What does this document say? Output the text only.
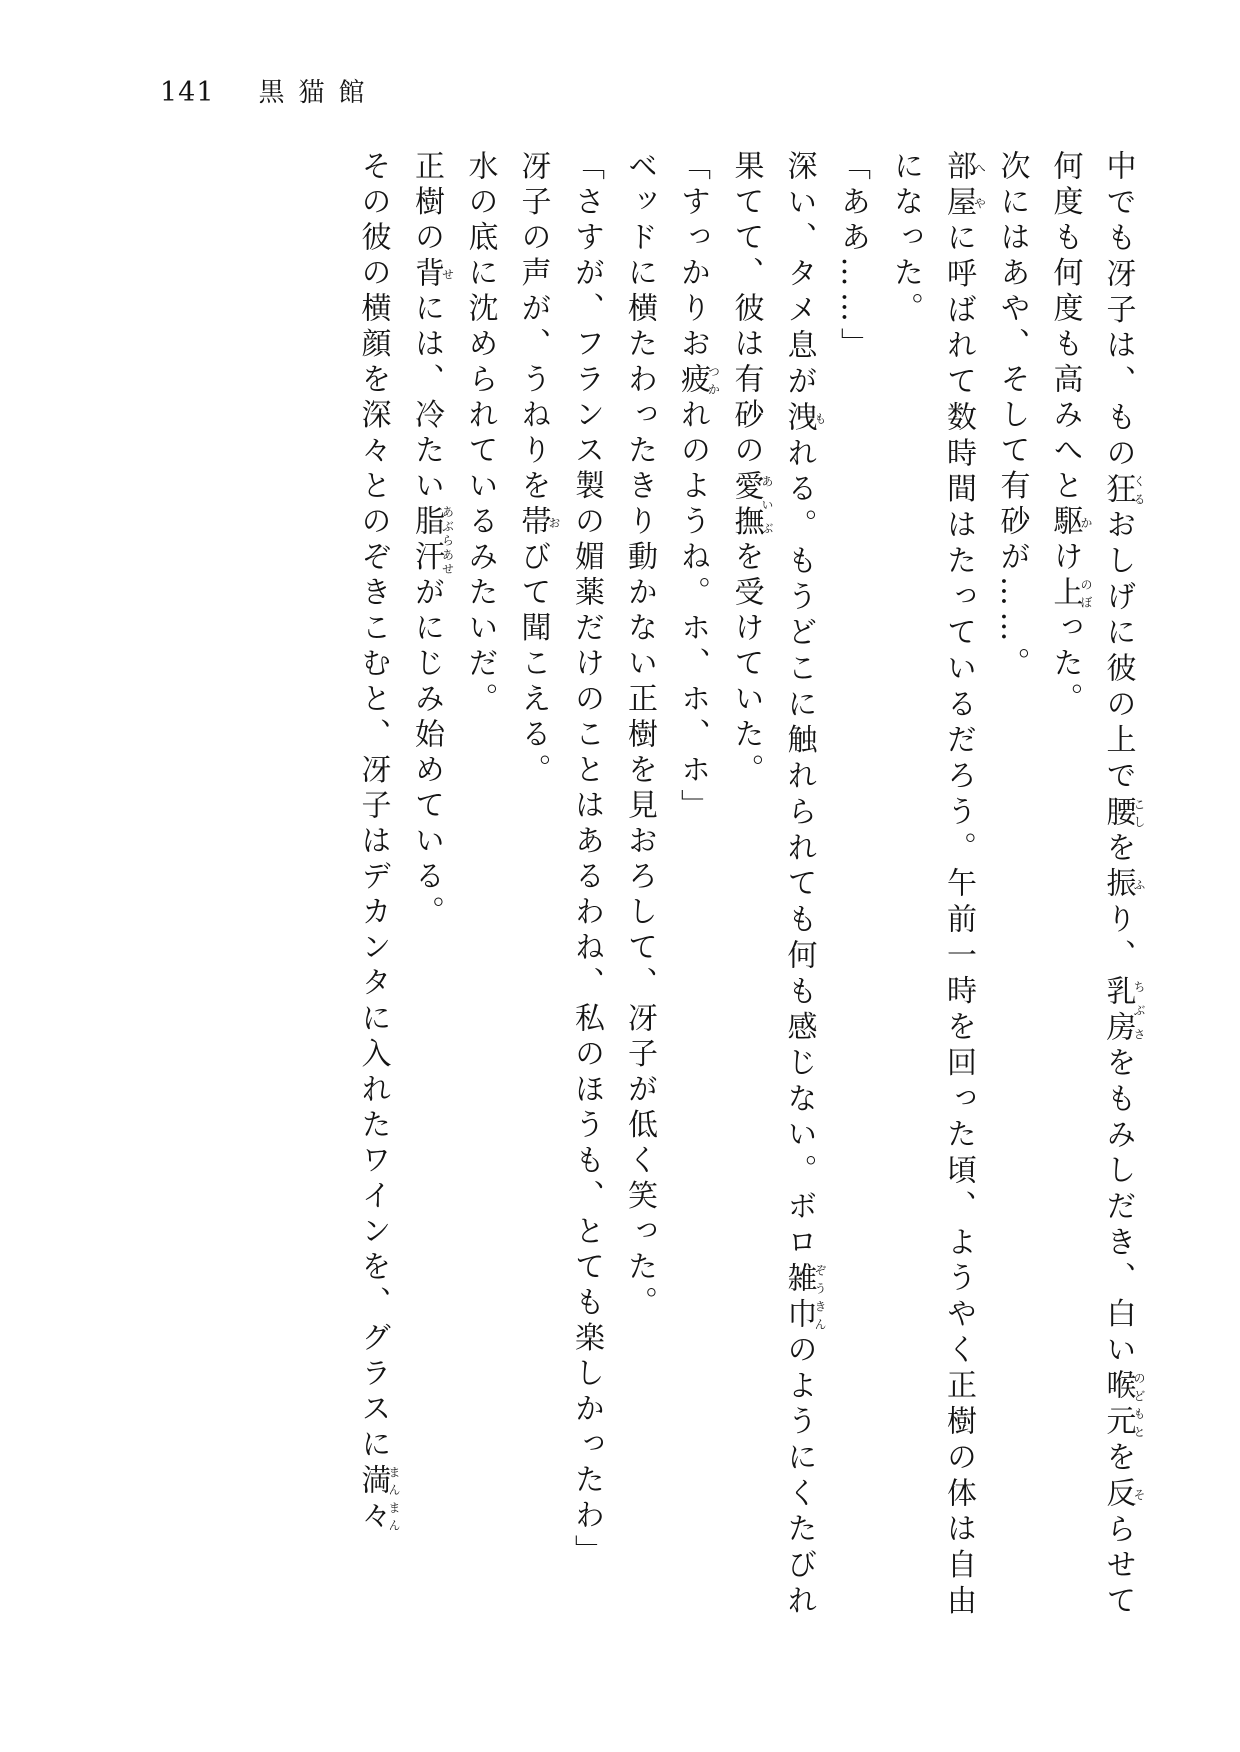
141 黒猫館

中でも冴子は、もの狂くるおしげに彼の上で腰こしを振ふり、乳房ちぶさをもみしだき、白い喉元のどもとを反そらせて何度も何度も高みへと駆かけ上のぼった。

次にはあや、そして有砂が……。

部屋へやに呼ばれて数時間はたっているだろう。午前一時を回った頃、ようやく正樹の体は自由になった。

「ああ……」

深い、タメ息が洩もれる。もうどこに触れられても何も感じない。ボロ雑巾ぞうきんのようにくたびれ果てて、彼は有砂の愛撫あいぶを受けていた。

「すっかりお疲つかれのようね。ホ、ホ、ホ」

ベッドに横たわったきり動かない正樹を見おろして、冴子が低く笑った。

「さすが、フランス製の媚薬だけのことはあるわね、私のほうも、とても楽しかったわ」

冴子の声が、うねりを帯おびて聞こえる。

水の底に沈められているみたいだ。

正樹の背せには、冷たい脂汗あぶらあせがにじみ始めている。

その彼の横顔を深々とのぞきこむと、冴子はデカンタに入れたワインを、グラスに満々まんまん
